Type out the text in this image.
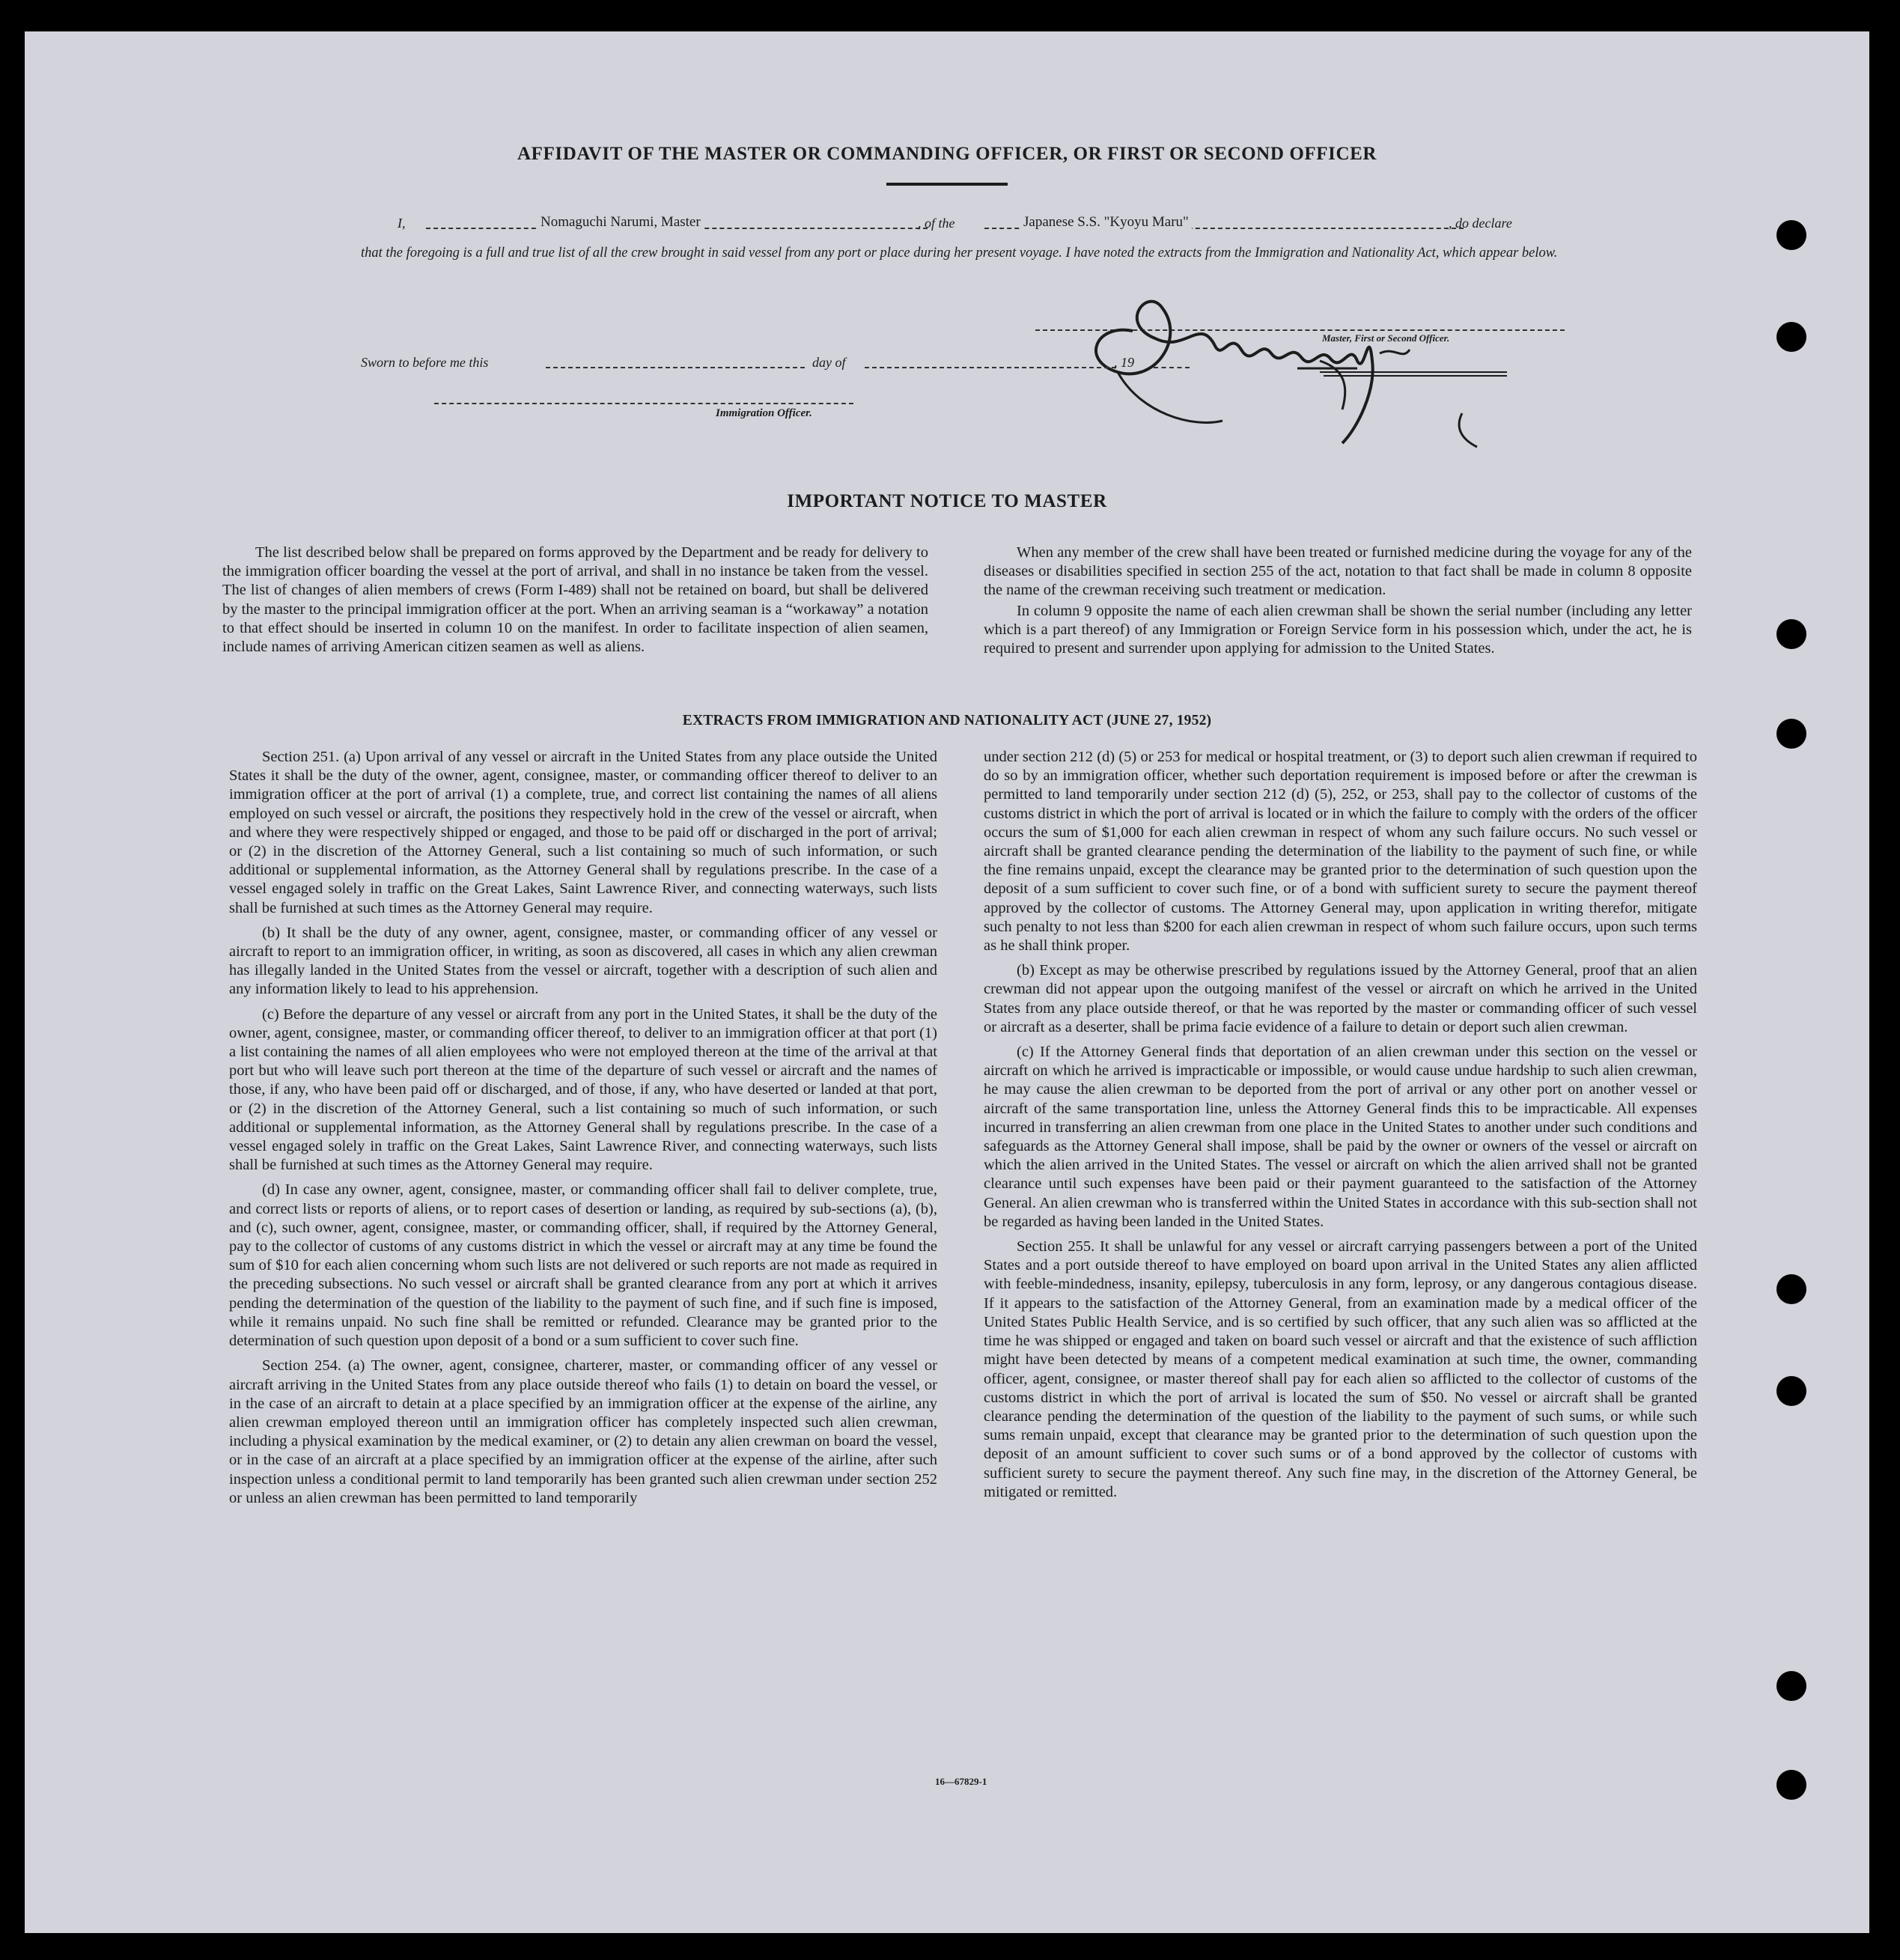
AFFIDAVIT OF THE MASTER OR COMMANDING OFFICER, OR FIRST OR SECOND OFFICER
I,	Nomaguchi Narumi, Master	, of the	Japanese S.S. "Kyoyu Maru"	, do declare
that the foregoing is a full and true list of all the crew brought in said vessel from any port or place during her present voyage. I have noted the extracts from the Immigration and Nationality Act, which appear below.
Master, First or Second Officer.
Sworn to before me this	day of	, 19
Immigration Officer.
IMPORTANT NOTICE TO MASTER

The list described below shall be prepared on forms approved by the Department and be ready for delivery to the immigration officer boarding the vessel at the port of arrival, and shall in no instance be taken from the vessel. The list of changes of alien members of crews (Form I-489) shall not be retained on board, but shall be delivered by the master to the principal immigration officer at the port. When an arriving seaman is a “workaway” a notation to that effect should be inserted in column 10 on the manifest. In order to facilitate inspection of alien seamen, include names of arriving American citizen seamen as well as aliens.

When any member of the crew shall have been treated or furnished medicine during the voyage for any of the diseases or disabilities specified in section 255 of the act, notation to that fact shall be made in column 8 opposite the name of the crewman receiving such treatment or medication.

In column 9 opposite the name of each alien crewman shall be shown the serial number (including any letter which is a part thereof) of any Immigration or Foreign Service form in his possession which, under the act, he is required to present and surrender upon applying for admission to the United States.

EXTRACTS FROM IMMIGRATION AND NATIONALITY ACT (JUNE 27, 1952)

Section 251. (a) Upon arrival of any vessel or aircraft in the United States from any place outside the United States it shall be the duty of the owner, agent, consignee, master, or commanding officer thereof to deliver to an immigration officer at the port of arrival (1) a complete, true, and correct list containing the names of all aliens employed on such vessel or aircraft, the positions they respectively hold in the crew of the vessel or aircraft, when and where they were respectively shipped or engaged, and those to be paid off or discharged in the port of arrival; or (2) in the discretion of the Attorney General, such a list containing so much of such information, or such additional or supplemental information, as the Attorney General shall by regulations prescribe. In the case of a vessel engaged solely in traffic on the Great Lakes, Saint Lawrence River, and connecting waterways, such lists shall be furnished at such times as the Attorney General may require.

(b) It shall be the duty of any owner, agent, consignee, master, or commanding officer of any vessel or aircraft to report to an immigration officer, in writing, as soon as discovered, all cases in which any alien crewman has illegally landed in the United States from the vessel or aircraft, together with a description of such alien and any information likely to lead to his apprehension.

(c) Before the departure of any vessel or aircraft from any port in the United States, it shall be the duty of the owner, agent, consignee, master, or commanding officer thereof, to deliver to an immigration officer at that port (1) a list containing the names of all alien employees who were not employed thereon at the time of the arrival at that port but who will leave such port thereon at the time of the departure of such vessel or aircraft and the names of those, if any, who have been paid off or discharged, and of those, if any, who have deserted or landed at that port, or (2) in the discretion of the Attorney General, such a list containing so much of such information, or such additional or supplemental information, as the Attorney General shall by regulations prescribe. In the case of a vessel engaged solely in traffic on the Great Lakes, Saint Lawrence River, and connecting waterways, such lists shall be furnished at such times as the Attorney General may require.

(d) In case any owner, agent, consignee, master, or commanding officer shall fail to deliver complete, true, and correct lists or reports of aliens, or to report cases of desertion or landing, as required by sub-sections (a), (b), and (c), such owner, agent, consignee, master, or commanding officer, shall, if required by the Attorney General, pay to the collector of customs of any customs district in which the vessel or aircraft may at any time be found the sum of $10 for each alien concerning whom such lists are not delivered or such reports are not made as required in the preceding subsections. No such vessel or aircraft shall be granted clearance from any port at which it arrives pending the determination of the question of the liability to the payment of such fine, and if such fine is imposed, while it remains unpaid. No such fine shall be remitted or refunded. Clearance may be granted prior to the determination of such question upon deposit of a bond or a sum sufficient to cover such fine.

Section 254. (a) The owner, agent, consignee, charterer, master, or commanding officer of any vessel or aircraft arriving in the United States from any place outside thereof who fails (1) to detain on board the vessel, or in the case of an aircraft to detain at a place specified by an immigration officer at the expense of the airline, any alien crewman employed thereon until an immigration officer has completely inspected such alien crewman, including a physical examination by the medical examiner, or (2) to detain any alien crewman on board the vessel, or in the case of an aircraft at a place specified by an immigration officer at the expense of the airline, after such inspection unless a conditional permit to land temporarily has been granted such alien crewman under section 252 or unless an alien crewman has been permitted to land temporarily

under section 212 (d) (5) or 253 for medical or hospital treatment, or (3) to deport such alien crewman if required to do so by an immigration officer, whether such deportation requirement is imposed before or after the crewman is permitted to land temporarily under section 212 (d) (5), 252, or 253, shall pay to the collector of customs of the customs district in which the port of arrival is located or in which the failure to comply with the orders of the officer occurs the sum of $1,000 for each alien crewman in respect of whom any such failure occurs. No such vessel or aircraft shall be granted clearance pending the determination of the liability to the payment of such fine, or while the fine remains unpaid, except the clearance may be granted prior to the determination of such question upon the deposit of a sum sufficient to cover such fine, or of a bond with sufficient surety to secure the payment thereof approved by the collector of customs. The Attorney General may, upon application in writing therefor, mitigate such penalty to not less than $200 for each alien crewman in respect of whom such failure occurs, upon such terms as he shall think proper.

(b) Except as may be otherwise prescribed by regulations issued by the Attorney General, proof that an alien crewman did not appear upon the outgoing manifest of the vessel or aircraft on which he arrived in the United States from any place outside thereof, or that he was reported by the master or commanding officer of such vessel or aircraft as a deserter, shall be prima facie evidence of a failure to detain or deport such alien crewman.

(c) If the Attorney General finds that deportation of an alien crewman under this section on the vessel or aircraft on which he arrived is impracticable or impossible, or would cause undue hardship to such alien crewman, he may cause the alien crewman to be deported from the port of arrival or any other port on another vessel or aircraft of the same transportation line, unless the Attorney General finds this to be impracticable. All expenses incurred in transferring an alien crewman from one place in the United States to another under such conditions and safeguards as the Attorney General shall impose, shall be paid by the owner or owners of the vessel or aircraft on which the alien arrived in the United States. The vessel or aircraft on which the alien arrived shall not be granted clearance until such expenses have been paid or their payment guaranteed to the satisfaction of the Attorney General. An alien crewman who is transferred within the United States in accordance with this sub-section shall not be regarded as having been landed in the United States.

Section 255. It shall be unlawful for any vessel or aircraft carrying passengers between a port of the United States and a port outside thereof to have employed on board upon arrival in the United States any alien afflicted with feeble-mindedness, insanity, epilepsy, tuberculosis in any form, leprosy, or any dangerous contagious disease. If it appears to the satisfaction of the Attorney General, from an examination made by a medical officer of the United States Public Health Service, and is so certified by such officer, that any such alien was so afflicted at the time he was shipped or engaged and taken on board such vessel or aircraft and that the existence of such affliction might have been detected by means of a competent medical examination at such time, the owner, commanding officer, agent, consignee, or master thereof shall pay for each alien so afflicted to the collector of customs of the customs district in which the port of arrival is located the sum of $50. No vessel or aircraft shall be granted clearance pending the determination of the question of the liability to the payment of such sums, or while such sums remain unpaid, except that clearance may be granted prior to the determination of such question upon the deposit of an amount sufficient to cover such sums or of a bond approved by the collector of customs with sufficient surety to secure the payment thereof. Any such fine may, in the discretion of the Attorney General, be mitigated or remitted.

16—67829-1
